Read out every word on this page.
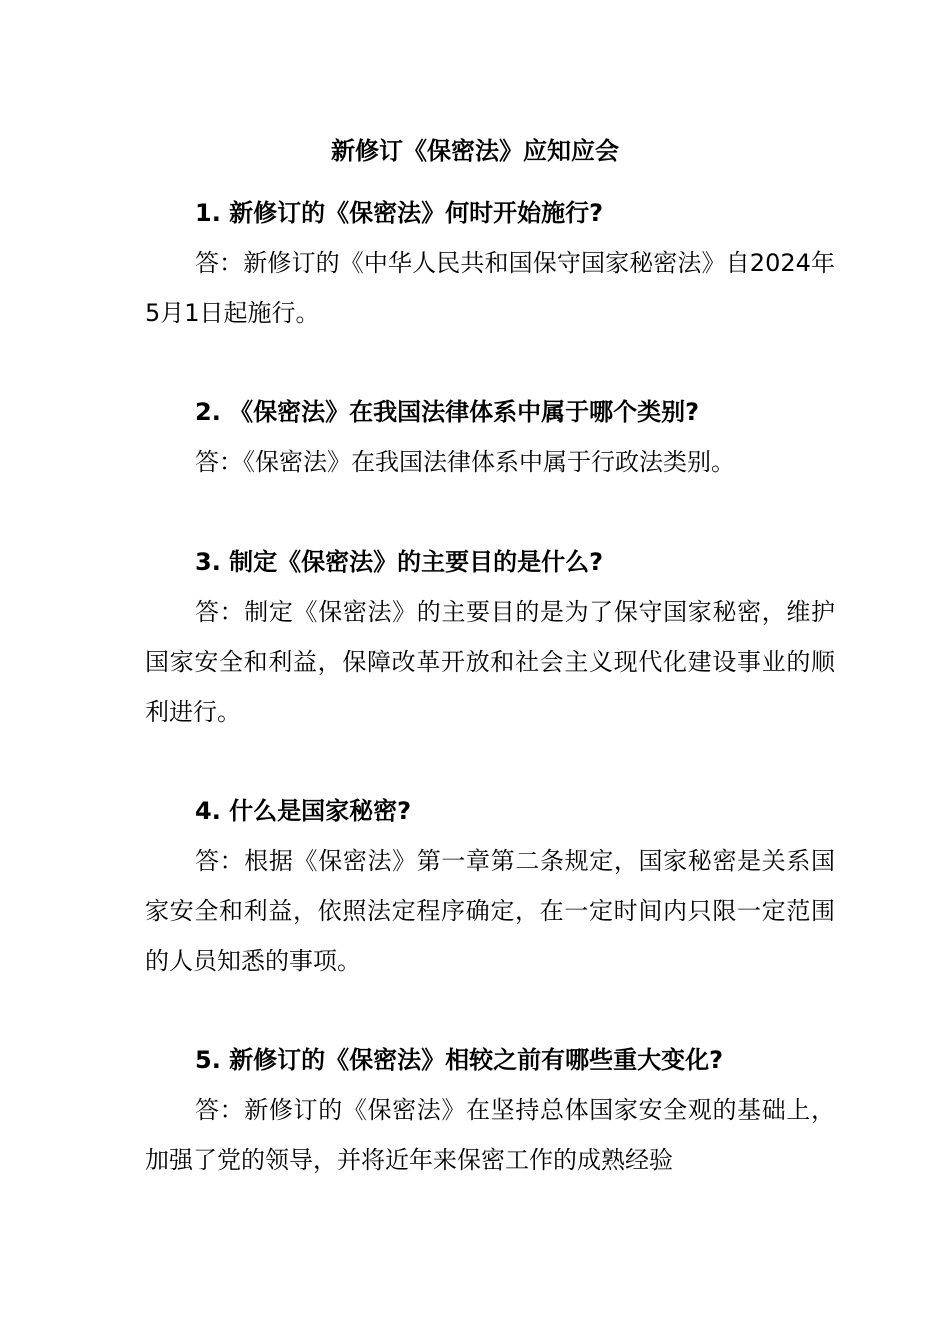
新修订《保密法》应知应会

1. 新修订的《保密法》何时开始施行?

答：新修订的《中华人民共和国保守国家秘密法》自2024年5月1日起施行。

2. 《保密法》在我国法律体系中属于哪个类别?

答：《保密法》在我国法律体系中属于行政法类别。

3. 制定《保密法》的主要目的是什么?

答：制定《保密法》的主要目的是为了保守国家秘密，维护国家安全和利益，保障改革开放和社会主义现代化建设事业的顺利进行。

4. 什么是国家秘密?

答：根据《保密法》第一章第二条规定，国家秘密是关系国家安全和利益，依照法定程序确定，在一定时间内只限一定范围的人员知悉的事项。

5. 新修订的《保密法》相较之前有哪些重大变化?

答：新修订的《保密法》在坚持总体国家安全观的基础上，加强了党的领导，并将近年来保密工作的成熟经验
